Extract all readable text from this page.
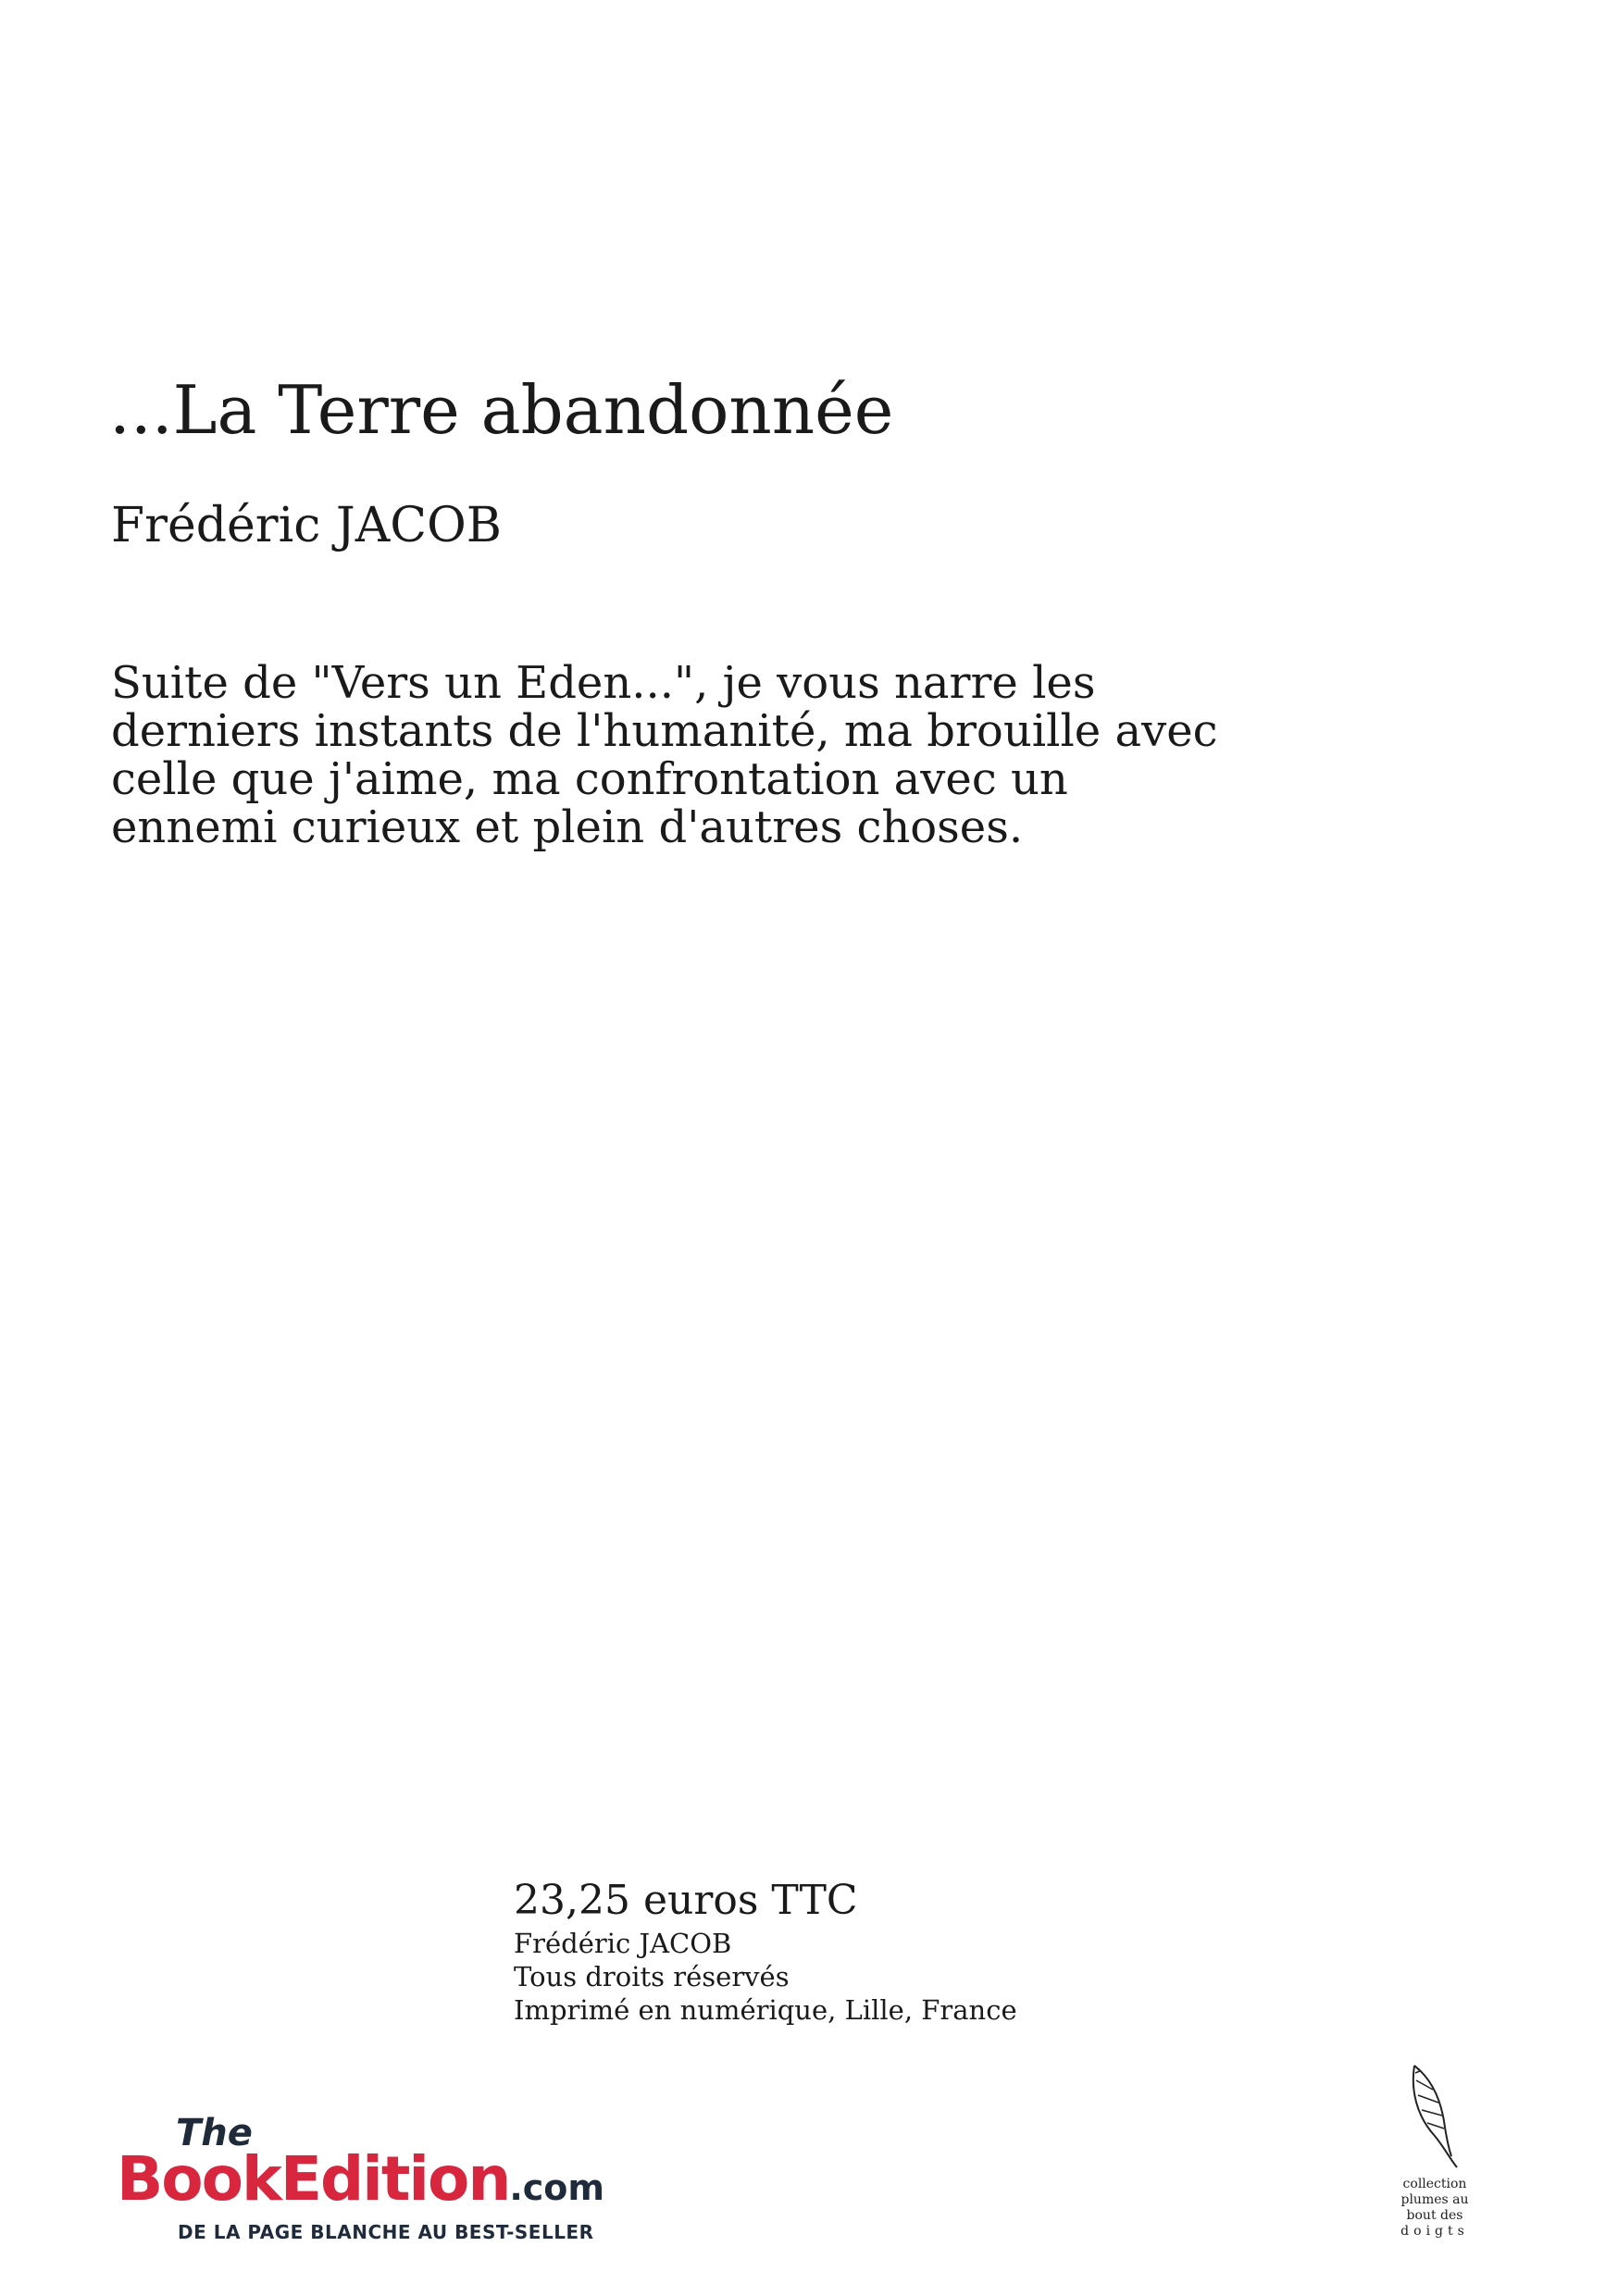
...La Terre abandonnée
Frédéric JACOB
Suite de "Vers un Eden...", je vous narre les derniers instants de l'humanité, ma brouille avec celle que j'aime, ma confrontation avec un ennemi curieux et plein d'autres choses.
23,25 euros TTC
Frédéric JACOB
Tous droits réservés
Imprimé en numérique, Lille, France
The
BookEdition.com
DE LA PAGE BLANCHE AU BEST-SELLER
collection
plumes au
bout des
doigts
